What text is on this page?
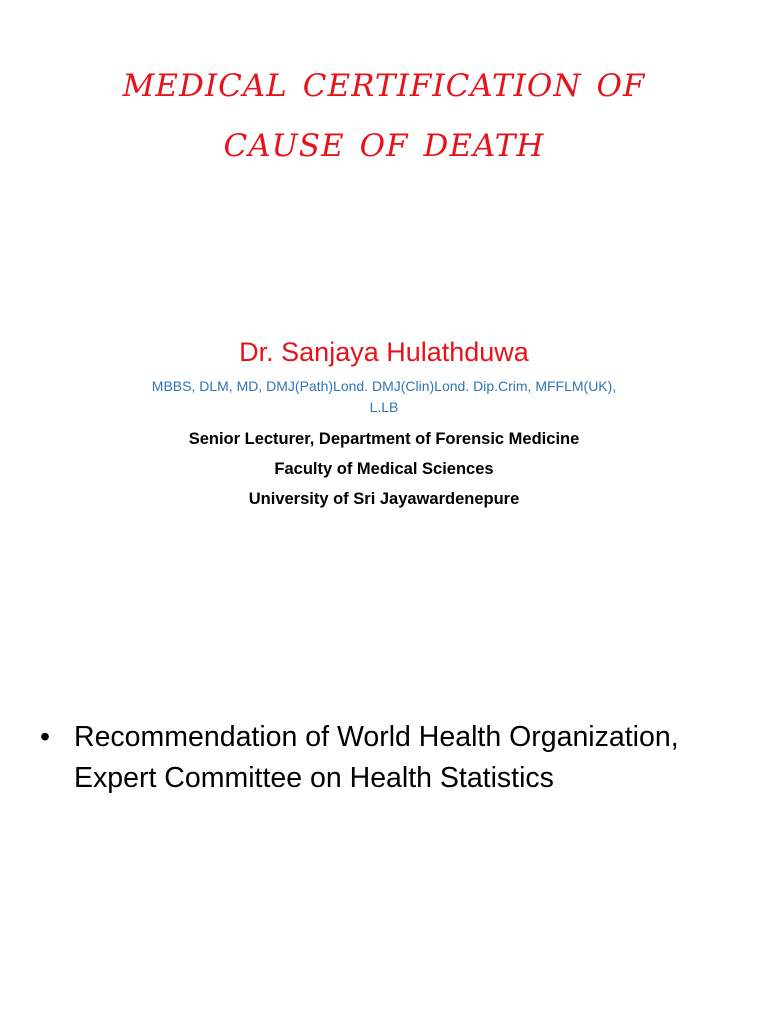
medical certification of
cause of death
Dr. Sanjaya Hulathduwa
MBBS, DLM, MD, DMJ(Path)Lond. DMJ(Clin)Lond. Dip.Crim, MFFLM(UK), L.LB
Senior Lecturer, Department of Forensic Medicine
Faculty of Medical Sciences
University of Sri Jayawardenepure
• Recommendation of World Health Organization, Expert Committee on Health Statistics
